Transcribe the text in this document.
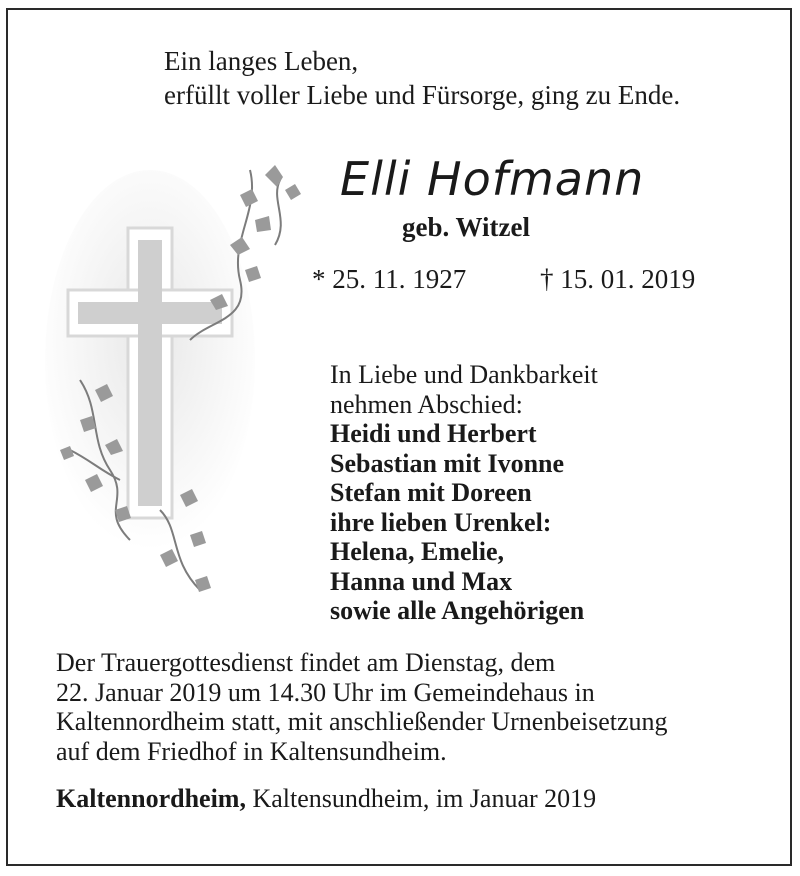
Ein langes Leben,
erfüllt voller Liebe und Fürsorge, ging zu Ende.
Elli Hofmann
geb. Witzel
* 25. 11. 1927	† 15. 01. 2019
In Liebe und Dankbarkeit
nehmen Abschied:
Heidi und Herbert
Sebastian mit Ivonne
Stefan mit Doreen
ihre lieben Urenkel:
Helena, Emelie,
Hanna und Max
sowie alle Angehörigen
Der Trauergottesdienst findet am Dienstag, dem
22. Januar 2019 um 14.30 Uhr im Gemeindehaus in
Kaltennordheim statt, mit anschließender Urnenbeisetzung
auf dem Friedhof in Kaltensundheim.
Kaltennordheim, Kaltensundheim, im Januar 2019
